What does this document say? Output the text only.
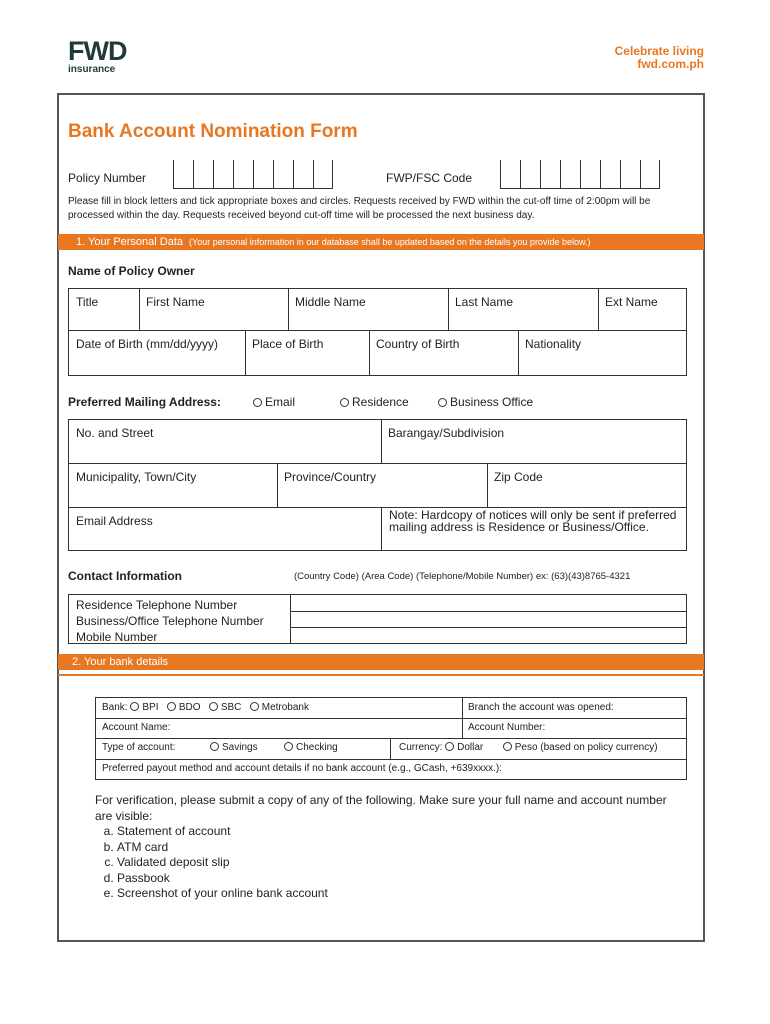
FWD
insurance
Celebrate living
fwd.com.ph
Bank Account Nomination Form
Policy Number	FWP/FSC Code
Please fill in block letters and tick appropriate boxes and circles. Requests received by FWD within the cut-off time of 2:00pm will be processed within the day. Requests received beyond cut-off time will be processed the next business day.
1. Your Personal Data (Your personal information in our database shall be updated based on the details you provide below.)
Name of Policy Owner
Title	First Name	Middle Name	Last Name	Ext Name
Date of Birth (mm/dd/yyyy)	Place of Birth	Country of Birth	Nationality
Preferred Mailing Address:	Email	Residence	Business Office
No. and Street	Barangay/Subdivision
Municipality, Town/City	Province/Country	Zip Code
Email Address	Note: Hardcopy of notices will only be sent if preferred mailing address is Residence or Business/Office.
Contact Information	(Country Code) (Area Code) (Telephone/Mobile Number) ex: (63)(43)8765-4321
Residence Telephone Number
Business/Office Telephone Number
Mobile Number
2. Your bank details
Bank: BPI BDO SBC Metrobank	Branch the account was opened:
Account Name:	Account Number:
Type of account:	Savings	Checking	Currency: Dollar	Peso (based on policy currency)
Preferred payout method and account details if no bank account (e.g., GCash, +639xxxx.):
For verification, please submit a copy of any of the following. Make sure your full name and account number are visible:
a. Statement of account
b. ATM card
c. Validated deposit slip
d. Passbook
e. Screenshot of your online bank account
